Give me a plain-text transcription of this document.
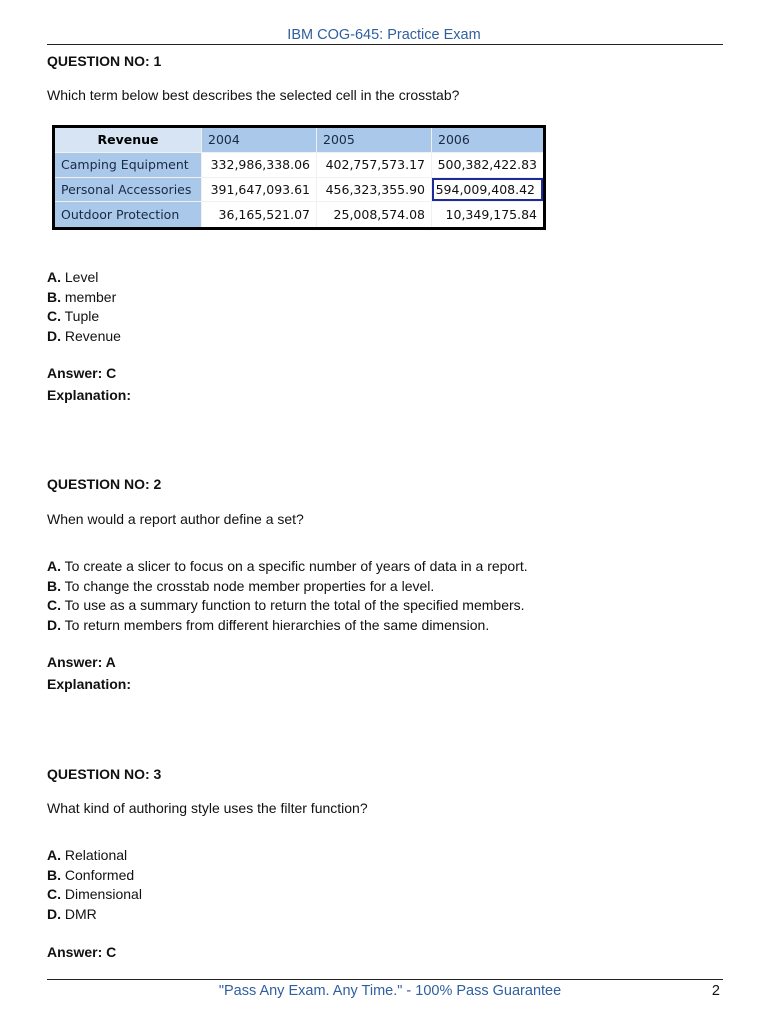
IBM COG-645: Practice Exam
QUESTION NO: 1
Which term below best describes the selected cell in the crosstab?
Revenue	2004	2005	2006
Camping Equipment	332,986,338.06	402,757,573.17	500,382,422.83
Personal Accessories	391,647,093.61	456,323,355.90 594,009,408.42
Outdoor Protection	36,165,521.07	25,008,574.08	10,349,175.84
A. Level
B. member
C. Tuple
D. Revenue
Answer: C
Explanation:
QUESTION NO: 2
When would a report author define a set?
A. To create a slicer to focus on a specific number of years of data in a report.
B. To change the crosstab node member properties for a level.
C. To use as a summary function to return the total of the specified members.
D. To return members from different hierarchies of the same dimension.
Answer: A
Explanation:
QUESTION NO: 3
What kind of authoring style uses the filter function?
A. Relational
B. Conformed
C. Dimensional
D. DMR
Answer: C
"Pass Any Exam. Any Time." - 100% Pass Guarantee	2
